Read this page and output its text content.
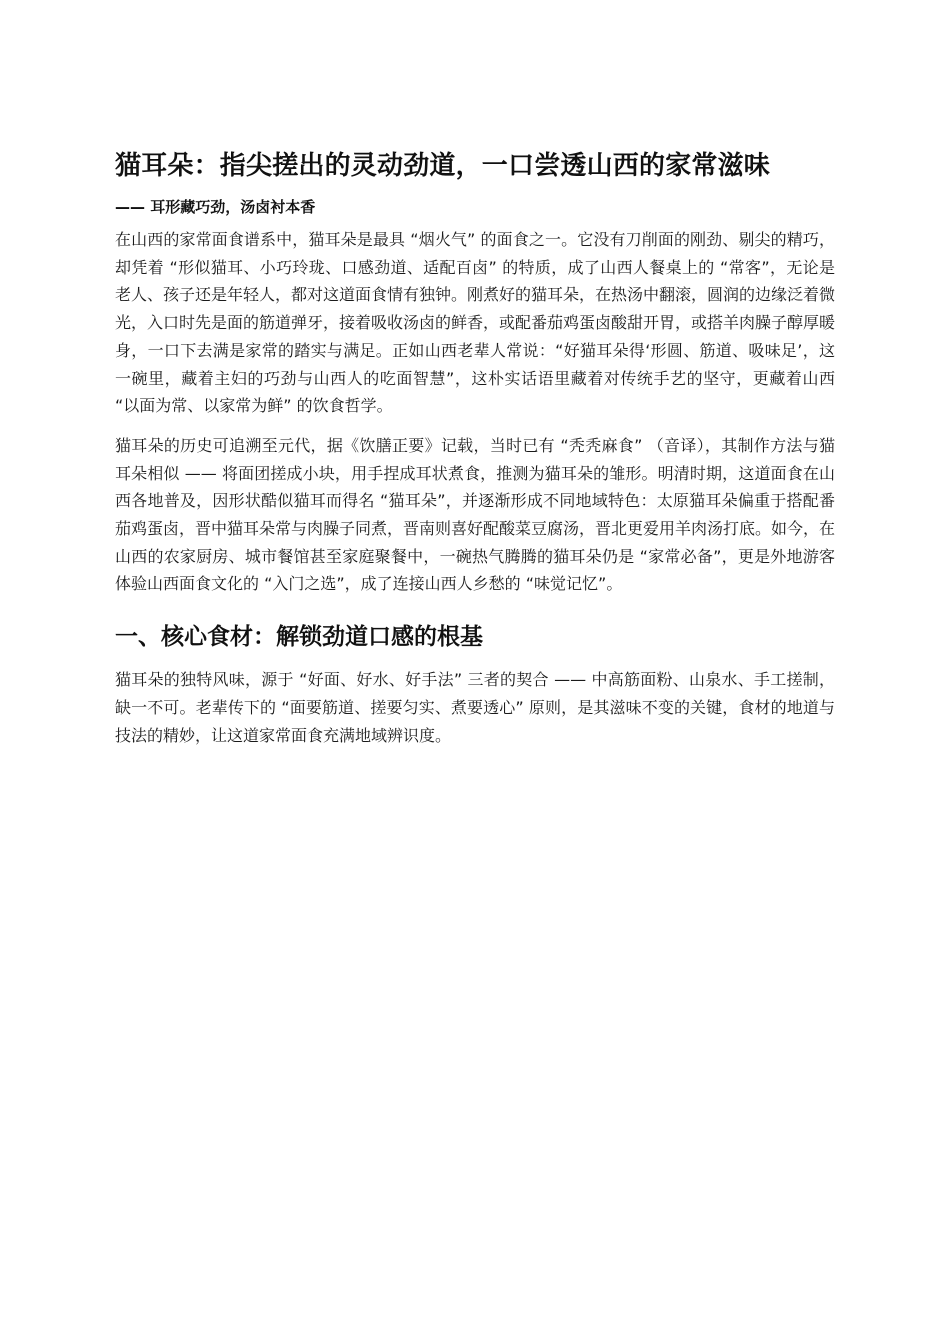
猫耳朵：指尖搓出的灵动劲道，一口尝透山西的家常滋味
—— 耳形藏巧劲，汤卤衬本香

在山西的家常面食谱系中，猫耳朵是最具 “烟火气” 的面食之一。它没有刀削面的刚劲、剔尖的精巧，却凭着 “形似猫耳、小巧玲珑、口感劲道、适配百卤” 的特质，成了山西人餐桌上的 “常客”，无论是老人、孩子还是年轻人，都对这道面食情有独钟。刚煮好的猫耳朵，在热汤中翻滚，圆润的边缘泛着微光，入口时先是面的筋道弹牙，接着吸收汤卤的鲜香，或配番茄鸡蛋卤酸甜开胃，或搭羊肉臊子醇厚暖身，一口下去满是家常的踏实与满足。正如山西老辈人常说：“好猫耳朵得‘形圆、筋道、吸味足’，这一碗里，藏着主妇的巧劲与山西人的吃面智慧”，这朴实话语里藏着对传统手艺的坚守，更藏着山西 “以面为常、以家常为鲜” 的饮食哲学。

猫耳朵的历史可追溯至元代，据《饮膳正要》记载，当时已有 “秃秃麻食” （音译），其制作方法与猫耳朵相似 —— 将面团搓成小块，用手捏成耳状煮食，推测为猫耳朵的雏形。明清时期，这道面食在山西各地普及，因形状酷似猫耳而得名 “猫耳朵”，并逐渐形成不同地域特色：太原猫耳朵偏重于搭配番茄鸡蛋卤，晋中猫耳朵常与肉臊子同煮，晋南则喜好配酸菜豆腐汤，晋北更爱用羊肉汤打底。如今，在山西的农家厨房、城市餐馆甚至家庭聚餐中，一碗热气腾腾的猫耳朵仍是 “家常必备”，更是外地游客体验山西面食文化的 “入门之选”，成了连接山西人乡愁的 “味觉记忆”。

一、核心食材：解锁劲道口感的根基

猫耳朵的独特风味，源于 “好面、好水、好手法” 三者的契合 —— 中高筋面粉、山泉水、手工搓制，缺一不可。老辈传下的 “面要筋道、搓要匀实、煮要透心” 原则，是其滋味不变的关键，食材的地道与技法的精妙，让这道家常面食充满地域辨识度。
